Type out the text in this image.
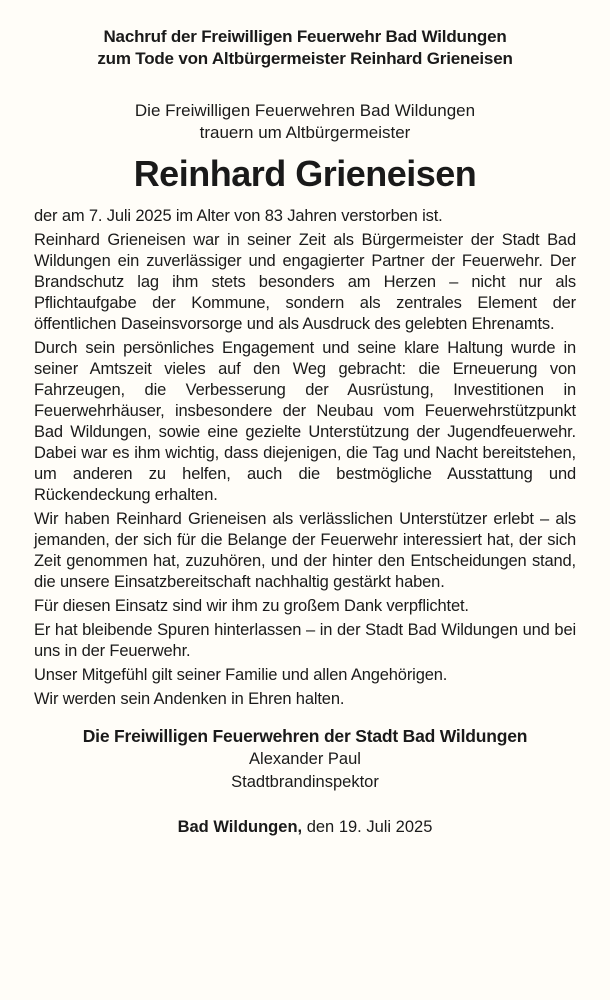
Nachruf der Freiwilligen Feuerwehr Bad Wildungen
zum Tode von Altbürgermeister Reinhard Grieneisen
Die Freiwilligen Feuerwehren Bad Wildungen
trauern um Altbürgermeister
Reinhard Grieneisen

der am 7. Juli 2025 im Alter von 83 Jahren verstorben ist.

Reinhard Grieneisen war in seiner Zeit als Bürgermeister der Stadt Bad Wildungen ein zuverlässiger und engagierter Partner der Feuerwehr. Der Brandschutz lag ihm stets besonders am Herzen – nicht nur als Pflichtaufgabe der Kommune, sondern als zentrales Element der öffentlichen Daseinsvorsorge und als Ausdruck des gelebten Ehrenamts.

Durch sein persönliches Engagement und seine klare Haltung wurde in seiner Amtszeit vieles auf den Weg gebracht: die Erneuerung von Fahrzeugen, die Verbesserung der Ausrüstung, Investitionen in Feuerwehrhäuser, insbesondere der Neubau vom Feuerwehrstützpunkt Bad Wildungen, sowie eine gezielte Unterstützung der Jugendfeuerwehr. Dabei war es ihm wichtig, dass diejenigen, die Tag und Nacht bereitstehen, um anderen zu helfen, auch die bestmögliche Ausstattung und Rückendeckung erhalten.

Wir haben Reinhard Grieneisen als verlässlichen Unterstützer erlebt – als jemanden, der sich für die Belange der Feuerwehr interessiert hat, der sich Zeit genommen hat, zuzuhören, und der hinter den Entscheidungen stand, die unsere Einsatzbereitschaft nachhaltig gestärkt haben.

Für diesen Einsatz sind wir ihm zu großem Dank verpflichtet.

Er hat bleibende Spuren hinterlassen – in der Stadt Bad Wildungen und bei uns in der Feuerwehr.

Unser Mitgefühl gilt seiner Familie und allen Angehörigen.

Wir werden sein Andenken in Ehren halten.

Die Freiwilligen Feuerwehren der Stadt Bad Wildungen
Alexander Paul
Stadtbrandinspektor
Bad Wildungen, den 19. Juli 2025
